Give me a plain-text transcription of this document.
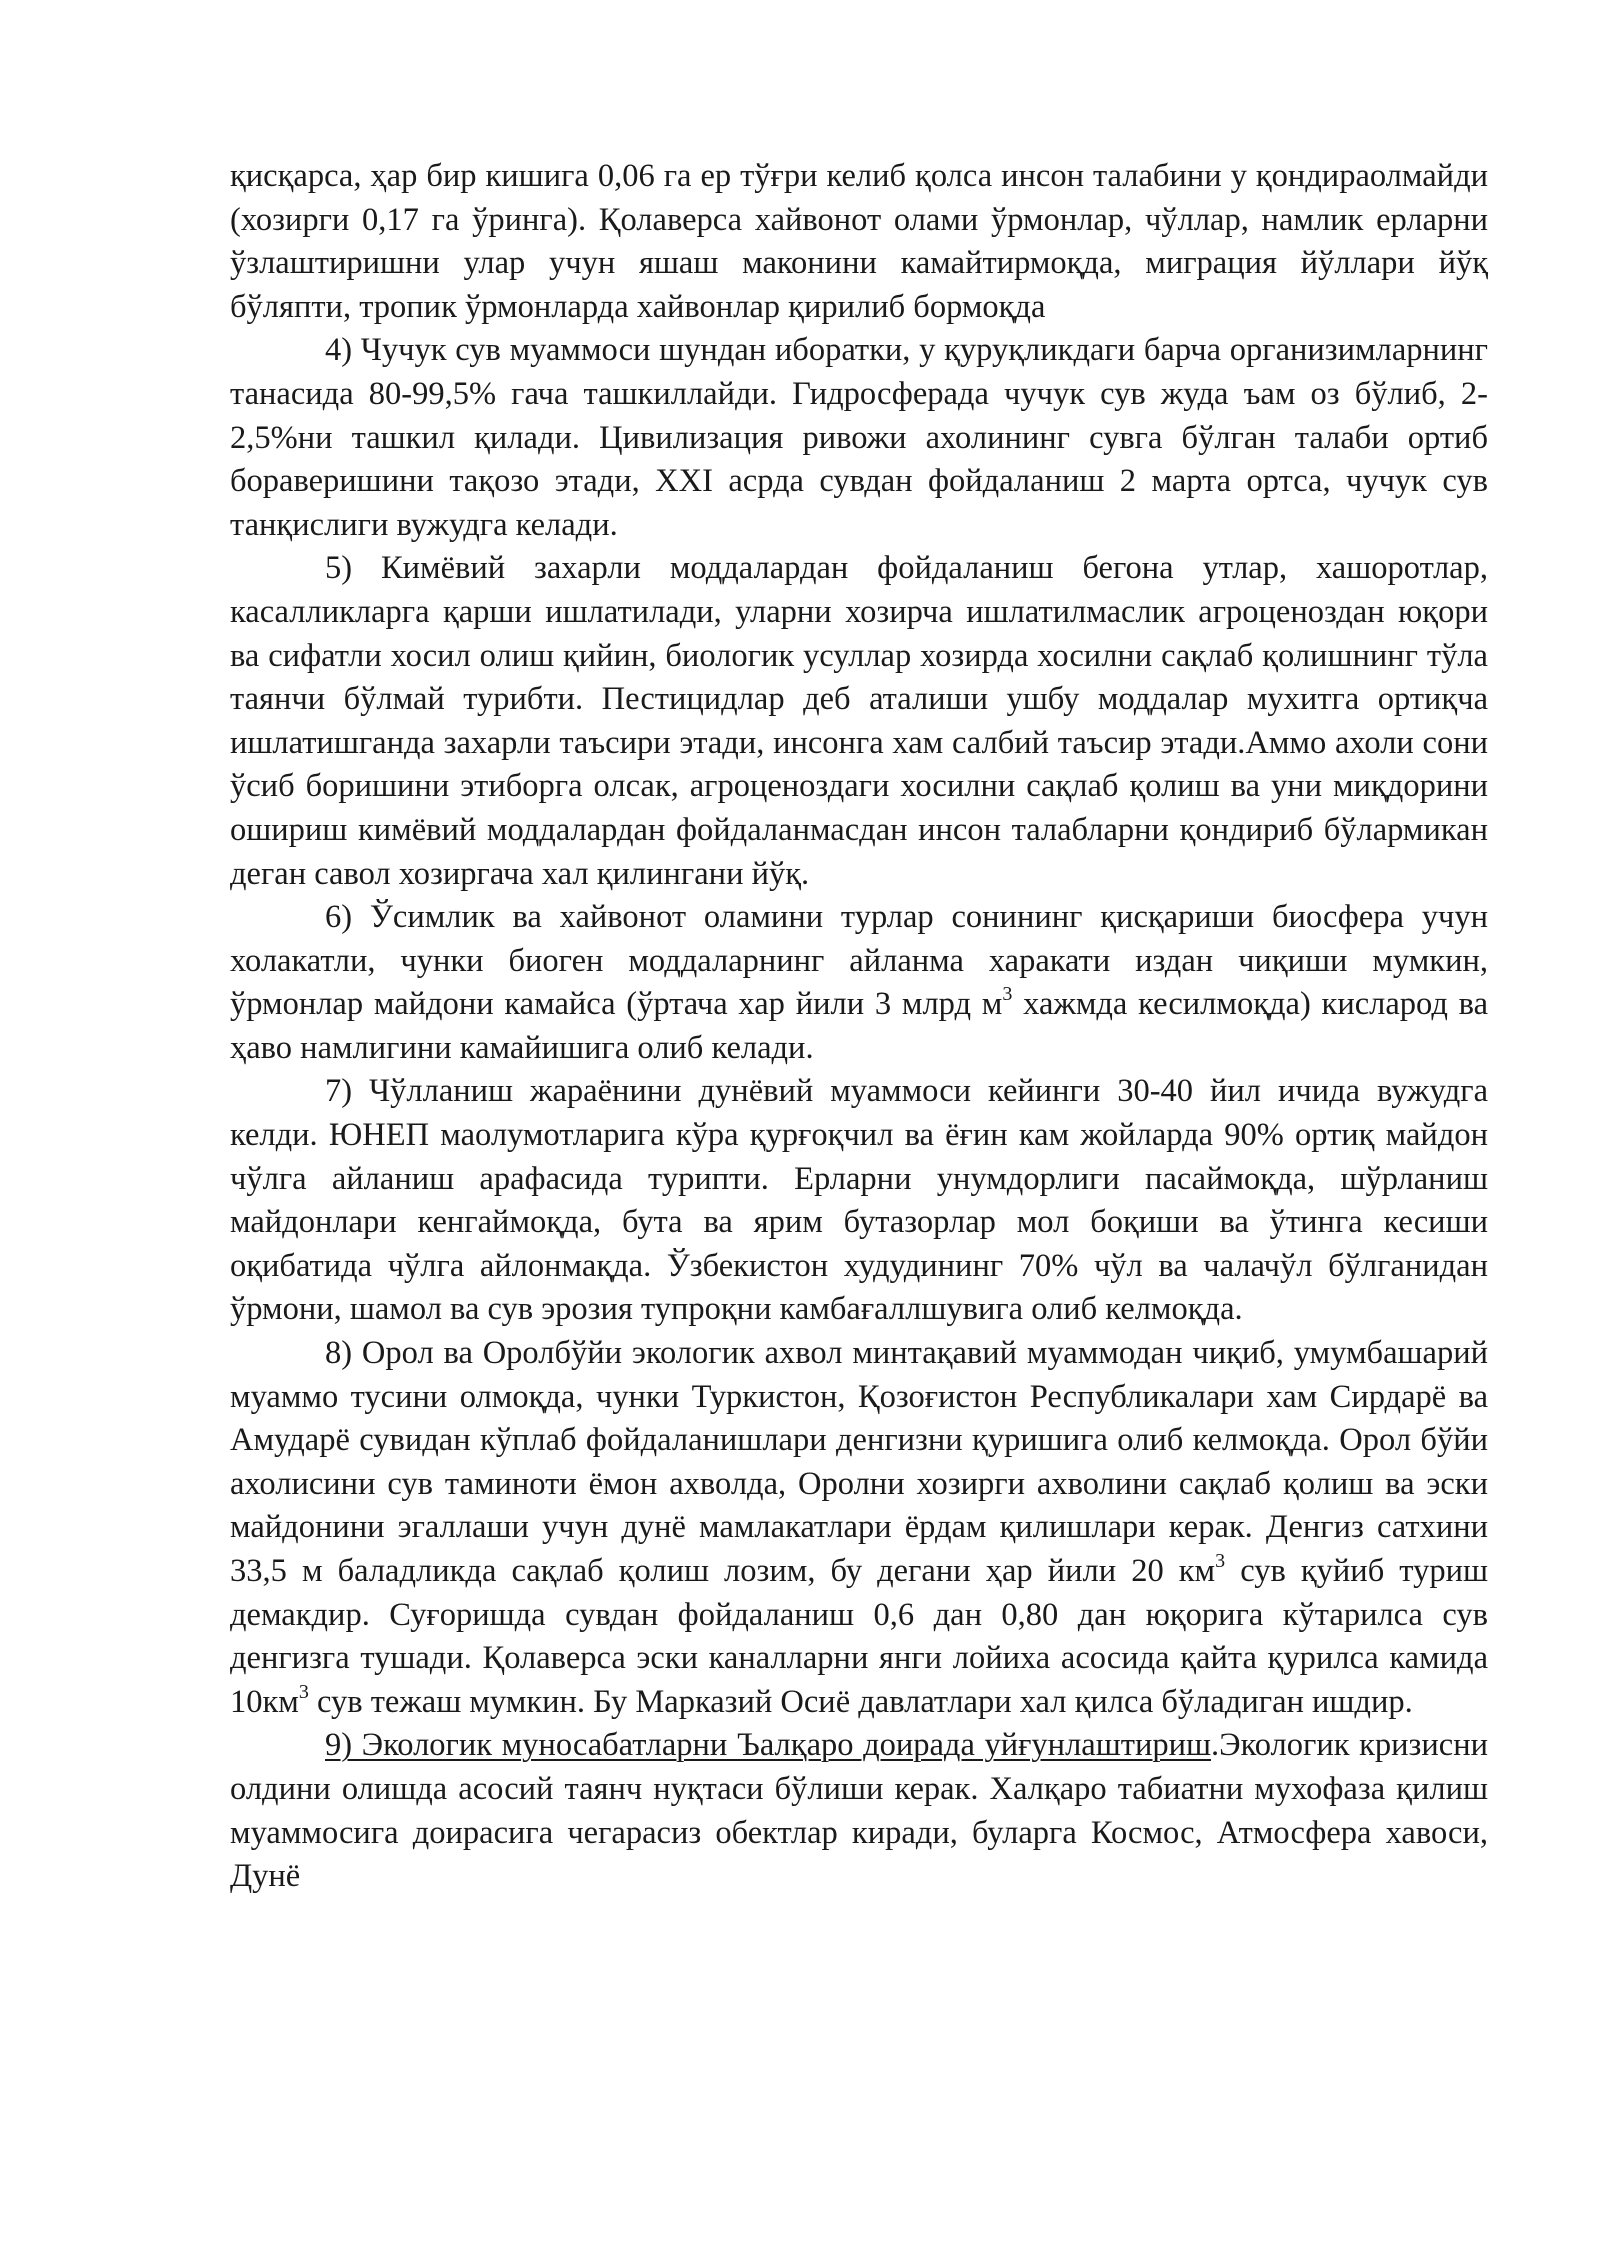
қисқарса, ҳар бир кишига 0,06 га ер тўғри келиб қолса инсон талабини у қондираолмайди (хозирги 0,17 га ўринга). Қолаверса хайвонот олами ўрмонлар, чўллар, намлик ерларни ўзлаштиришни улар учун яшаш маконини камайтирмоқда, миграция йўллари йўқ бўляпти, тропик ўрмонларда хайвонлар қирилиб бормоқда

4) Чучук сув муаммоси шундан иборатки, у қуруқликдаги барча организимларнинг танасида 80-99,5% гача ташкиллайди. Гидросферада чучук сув жуда ъам оз бўлиб, 2-2,5%ни ташкил қилади. Цивилизация ривожи ахолининг сувга бўлган талаби ортиб бораверишини тақозо этади, XXI асрда сувдан фойдаланиш 2 марта ортса, чучук сув танқислиги вужудга келади.

5) Кимёвий захарли моддалардан фойдаланиш бегона утлар, хашоротлар, касалликларга қарши ишлатилади, уларни хозирча ишлатилмаслик агроценоздан юқори ва сифатли хосил олиш қийин, биологик усуллар хозирда хосилни сақлаб қолишнинг тўла таянчи бўлмай турибти. Пестицидлар деб аталиши ушбу моддалар мухитга ортиқча ишлатишганда захарли таъсири этади, инсонга хам салбий таъсир этади.Аммо ахоли сони ўсиб боришини этиборга олсак, агроценоздаги хосилни сақлаб қолиш ва уни миқдорини ошириш кимёвий моддалардан фойдаланмасдан инсон талабларни қондириб бўлармикан деган савол хозиргача хал қилингани йўқ.

6) Ўсимлик ва хайвонот оламини турлар сонининг қисқариши биосфера учун холакатли, чунки биоген моддаларнинг айланма харакати издан чиқиши мумкин, ўрмонлар майдони камайса (ўртача хар йили 3 млрд $м^3$ хажмда кесилмоқда) кисларод ва ҳаво намлигини камайишига олиб келади.

7) Чўлланиш жараёнини дунёвий муаммоси кейинги 30-40 йил ичида вужудга келди. ЮНЕП маолумотларига кўра қурғоқчил ва ёғин кам жойларда 90% ортиқ майдон чўлга айланиш арафасида турипти. Ерларни унумдорлиги пасаймоқда, шўрланиш майдонлари кенгаймоқда, бута ва ярим бутазорлар мол боқиши ва ўтинга кесиши оқибатида чўлга айлонмақда. Ўзбекистон худудининг 70% чўл ва чалачўл бўлганидан ўрмони, шамол ва сув эрозия тупроқни камбағаллшувига олиб келмоқда.

8) Орол ва Оролбўйи экологик ахвол минтақавий муаммодан чиқиб, умумбашарий муаммо тусини олмоқда, чунки Туркистон, Қозоғистон Республикалари хам Сирдарё ва Амударё сувидан кўплаб фойдаланишлари денгизни қуришига олиб келмоқда. Орол бўйи ахолисини сув таминоти ёмон ахволда, Оролни хозирги ахволини сақлаб қолиш ва эски майдонини эгаллаши учун дунё мамлакатлари ёрдам қилишлари керак. Денгиз сатхини 33,5 м баладликда сақлаб қолиш лозим, бу дегани ҳар йили 20 $км^3$ сув қуйиб туриш демакдир. Суғоришда сувдан фойдаланиш 0,6 дан 0,80 дан юқорига кўтарилса сув денгизга тушади. Қолаверса эски каналларни янги лойиха асосида қайта қурилса камида $10км^3$ сув тежаш мумкин. Бу Марказий Осиё давлатлари хал қилса бўладиган ишдир.

9) Экологик муносабатларни Ъалқаро доирада уйғунлаштириш.Экологик кризисни олдини олишда асосий таянч нуқтаси бўлиши керак. Халқаро табиатни мухофаза қилиш муаммосига доирасига чегарасиз обектлар киради, буларга Космос, Атмосфера хавоси, Дунё
